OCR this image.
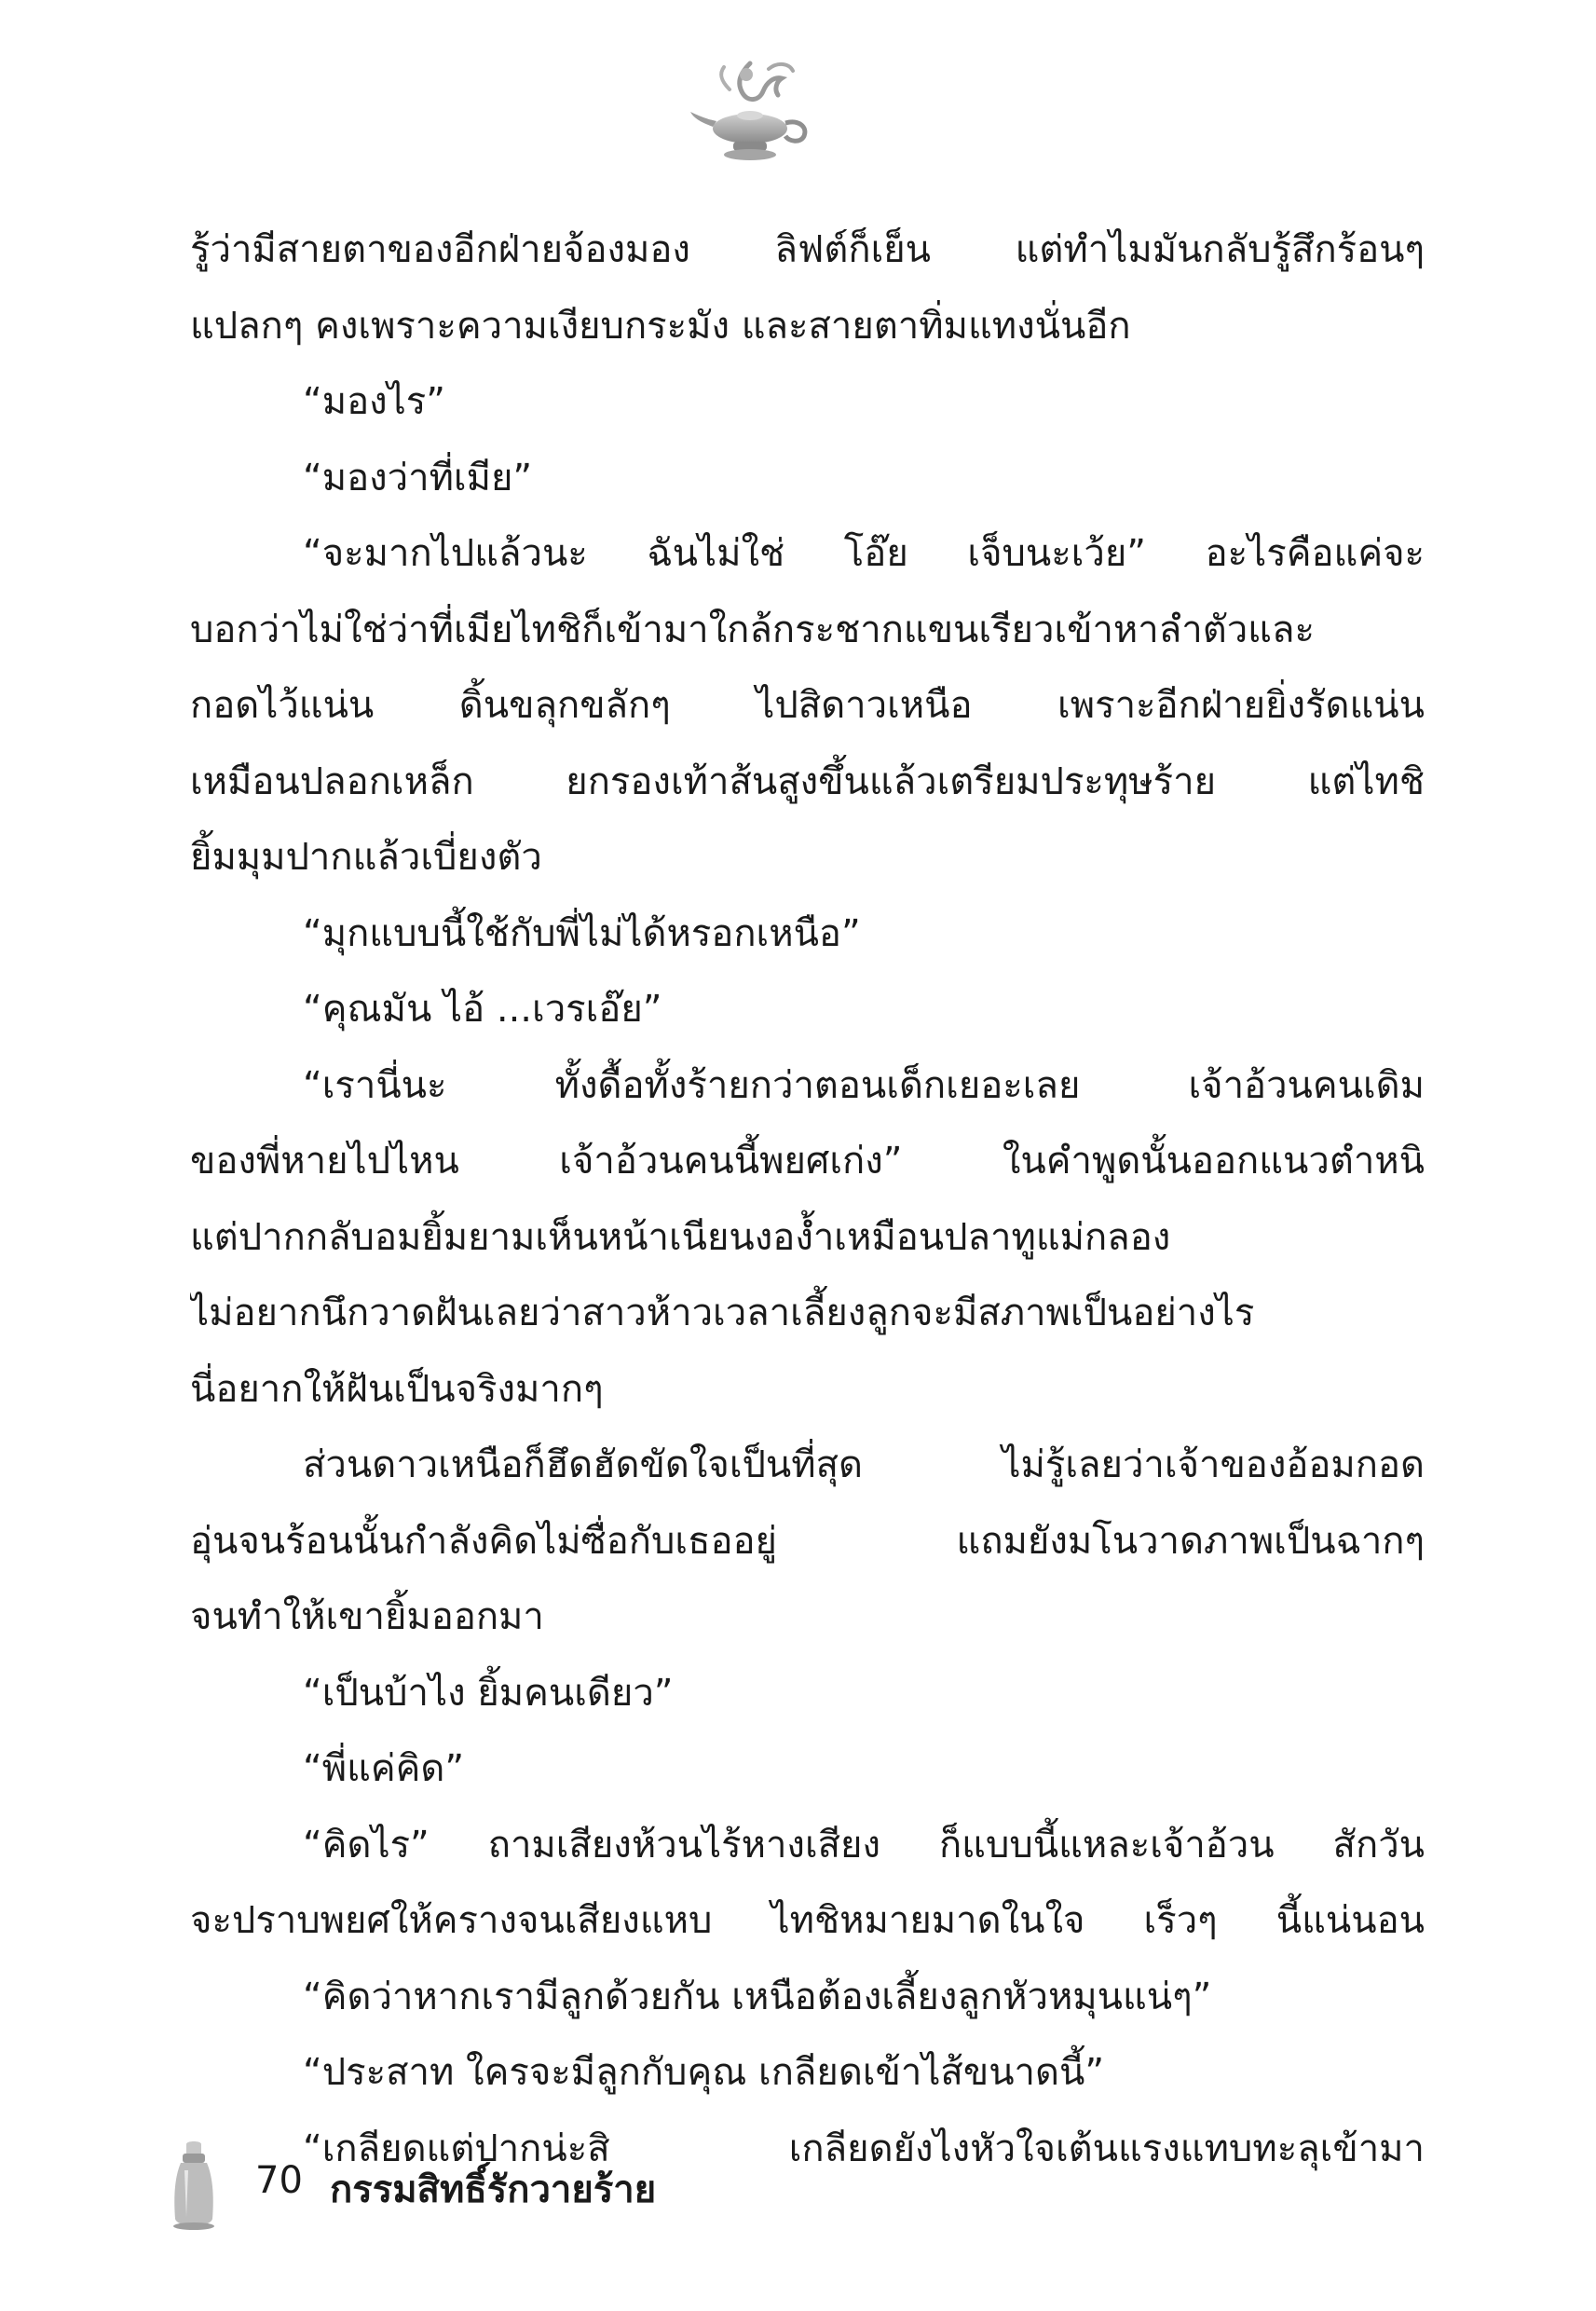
รู้ว่ามีสายตาของอีกฝ่ายจ้องมอง ลิฟต์ก็เย็น แต่ทำไมมันกลับรู้สึกร้อนๆ
แปลกๆ คงเพราะความเงียบกระมัง และสายตาทิ่มแทงนั่นอีก
“มองไร”
“มองว่าที่เมีย”
“จะมากไปแล้วนะ ฉันไม่ใช่ โอ๊ย เจ็บนะเว้ย” อะไรคือแค่จะ
บอกว่าไม่ใช่ว่าที่เมียไทชิก็เข้ามาใกล้กระชากแขนเรียวเข้าหาลำตัวและ
กอดไว้แน่น ดิ้นขลุกขลักๆ ไปสิดาวเหนือ เพราะอีกฝ่ายยิ่งรัดแน่น
เหมือนปลอกเหล็ก ยกรองเท้าส้นสูงขึ้นแล้วเตรียมประทุษร้าย แต่ไทชิ
ยิ้มมุมปากแล้วเบี่ยงตัว
“มุกแบบนี้ใช้กับพี่ไม่ได้หรอกเหนือ”
“คุณมัน ไอ้ ...เวรเอ๊ย”
“เรานี่นะ ทั้งดื้อทั้งร้ายกว่าตอนเด็กเยอะเลย เจ้าอ้วนคนเดิม
ของพี่หายไปไหน เจ้าอ้วนคนนี้พยศเก่ง” ในคำพูดนั้นออกแนวตำหนิ
แต่ปากกลับอมยิ้มยามเห็นหน้าเนียนงอง้ำเหมือนปลาทูแม่กลอง
ไม่อยากนึกวาดฝันเลยว่าสาวห้าวเวลาเลี้ยงลูกจะมีสภาพเป็นอย่างไร
นี่อยากให้ฝันเป็นจริงมากๆ
ส่วนดาวเหนือก็ฮึดฮัดขัดใจเป็นที่สุด ไม่รู้เลยว่าเจ้าของอ้อมกอด
อุ่นจนร้อนนั้นกำลังคิดไม่ซื่อกับเธออยู่ แถมยังมโนวาดภาพเป็นฉากๆ
จนทำให้เขายิ้มออกมา
“เป็นบ้าไง ยิ้มคนเดียว”
“พี่แค่คิด”
“คิดไร” ถามเสียงห้วนไร้หางเสียง ก็แบบนี้แหละเจ้าอ้วน สักวัน
จะปราบพยศให้ครางจนเสียงแหบ ไทชิหมายมาดในใจ เร็วๆ นี้แน่นอน
“คิดว่าหากเรามีลูกด้วยกัน เหนือต้องเลี้ยงลูกหัวหมุนแน่ๆ”
“ประสาท ใครจะมีลูกกับคุณ เกลียดเข้าไส้ขนาดนี้”
“เกลียดแต่ปากน่ะสิ เกลียดยังไงหัวใจเต้นแรงแทบทะลุเข้ามา
70 กรรมสิทธิ์รักวายร้าย
